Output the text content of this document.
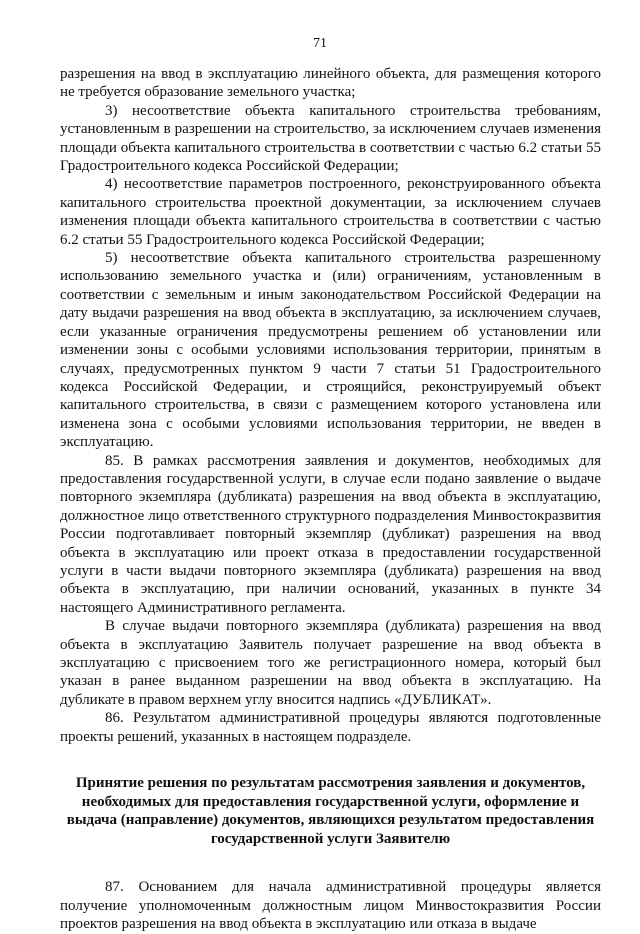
71

разрешения на ввод в эксплуатацию линейного объекта, для размещения которого не требуется образование земельного участка;

3) несоответствие объекта капитального строительства требованиям, установленным в разрешении на строительство, за исключением случаев изменения площади объекта капитального строительства в соответствии с частью 6.2 статьи 55 Градостроительного кодекса Российской Федерации;

4) несоответствие параметров построенного, реконструированного объекта капитального строительства проектной документации, за исключением случаев изменения площади объекта капитального строительства в соответствии с частью 6.2 статьи 55 Градостроительного кодекса Российской Федерации;

5) несоответствие объекта капитального строительства разрешенному использованию земельного участка и (или) ограничениям, установленным в соответствии с земельным и иным законодательством Российской Федерации на дату выдачи разрешения на ввод объекта в эксплуатацию, за исключением случаев, если указанные ограничения предусмотрены решением об установлении или изменении зоны с особыми условиями использования территории, принятым в случаях, предусмотренных пунктом 9 части 7 статьи 51 Градостроительного кодекса Российской Федерации, и строящийся, реконструируемый объект капитального строительства, в связи с размещением которого установлена или изменена зона с особыми условиями использования территории, не введен в эксплуатацию.

85. В рамках рассмотрения заявления и документов, необходимых для предоставления государственной услуги, в случае если подано заявление о выдаче повторного экземпляра (дубликата) разрешения на ввод объекта в эксплуатацию, должностное лицо ответственного структурного подразделения Минвостокразвития России подготавливает повторный экземпляр (дубликат) разрешения на ввод объекта в эксплуатацию или проект отказа в предоставлении государственной услуги в части выдачи повторного экземпляра (дубликата) разрешения на ввод объекта в эксплуатацию, при наличии оснований, указанных в пункте 34 настоящего Административного регламента.

В случае выдачи повторного экземпляра (дубликата) разрешения на ввод объекта в эксплуатацию Заявитель получает разрешение на ввод объекта в эксплуатацию с присвоением того же регистрационного номера, который был указан в ранее выданном разрешении на ввод объекта в эксплуатацию. На дубликате в правом верхнем углу вносится надпись «ДУБЛИКАТ».

86. Результатом административной процедуры являются подготовленные проекты решений, указанных в настоящем подразделе.

Принятие решения по результатам рассмотрения заявления и документов, необходимых для предоставления государственной услуги, оформление и выдача (направление) документов, являющихся результатом предоставления государственной услуги Заявителю

87. Основанием для начала административной процедуры является получение уполномоченным должностным лицом Минвостокразвития России проектов разрешения на ввод объекта в эксплуатацию или отказа в выдаче
